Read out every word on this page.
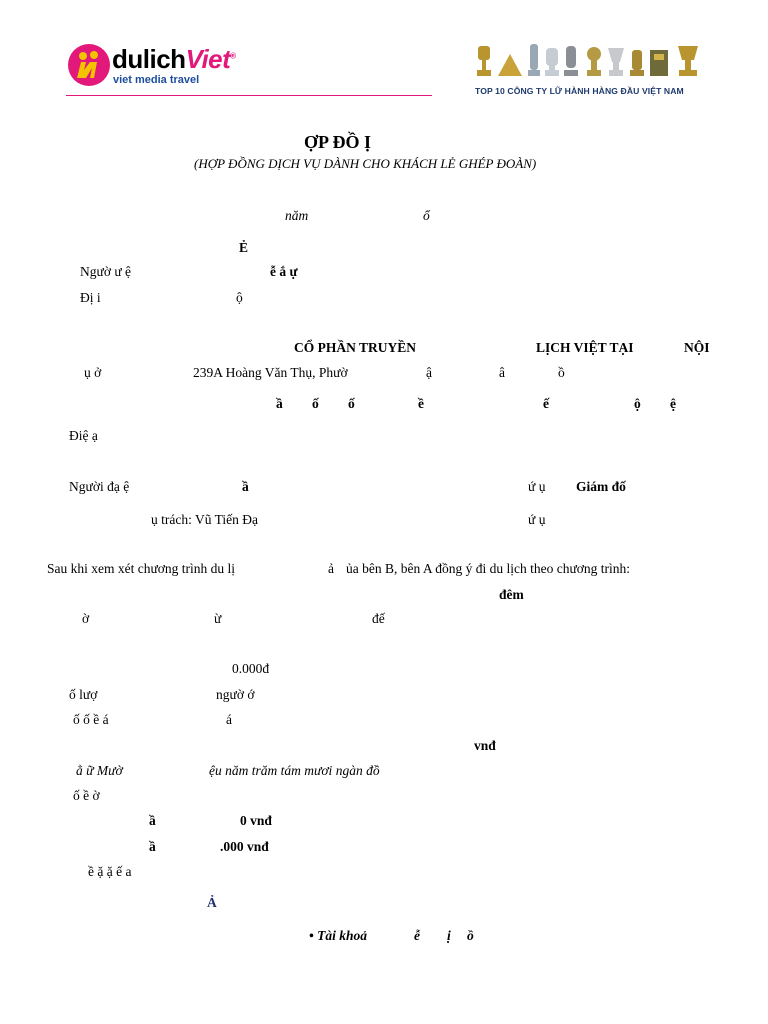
dulichViet®
viet media travel
TOP 10 CÔNG TY LỮ HÀNH HÀNG ĐẦU VIỆT NAM
ỢP ĐỒ Ị
(HỢP ĐỒNG DỊCH VỤ DÀNH CHO KHÁCH LẺ GHÉP ĐOÀN)
năm	ổ
Ẻ
Ngườ ư ệ	ễ ắ ự
Đị i	ộ
CỔ PHẦN TRUYỀN	LỊCH VIỆT TẠI	NỘI
ụ ở	239A Hoàng Văn Thụ, Phườ	ậ	â	ồ
ầ ố ố	ề	ế	ộ ệ
Điệ ạ
Người đạ ệ	ầ	ứ ụ Giám đố
ụ trách: Vũ Tiến Đạ	ứ ụ
Sau khi xem xét chương trình du lị	ả ủa bên B, bên A đồng ý đi du lịch theo chương trình:
đêm
ờ	ừ	đế
0.000đ
ố lượ	ngườ ớ
ố ố ề á	á
vnđ
ằ ữ Mườ	ệu năm trăm tám mươi ngàn đồ
ố ề ờ
ầ	0 vnđ
ầ	.000 vnđ
ề ặ ặ ế a
Ả
• Tài khoả	ễ ị ồ
